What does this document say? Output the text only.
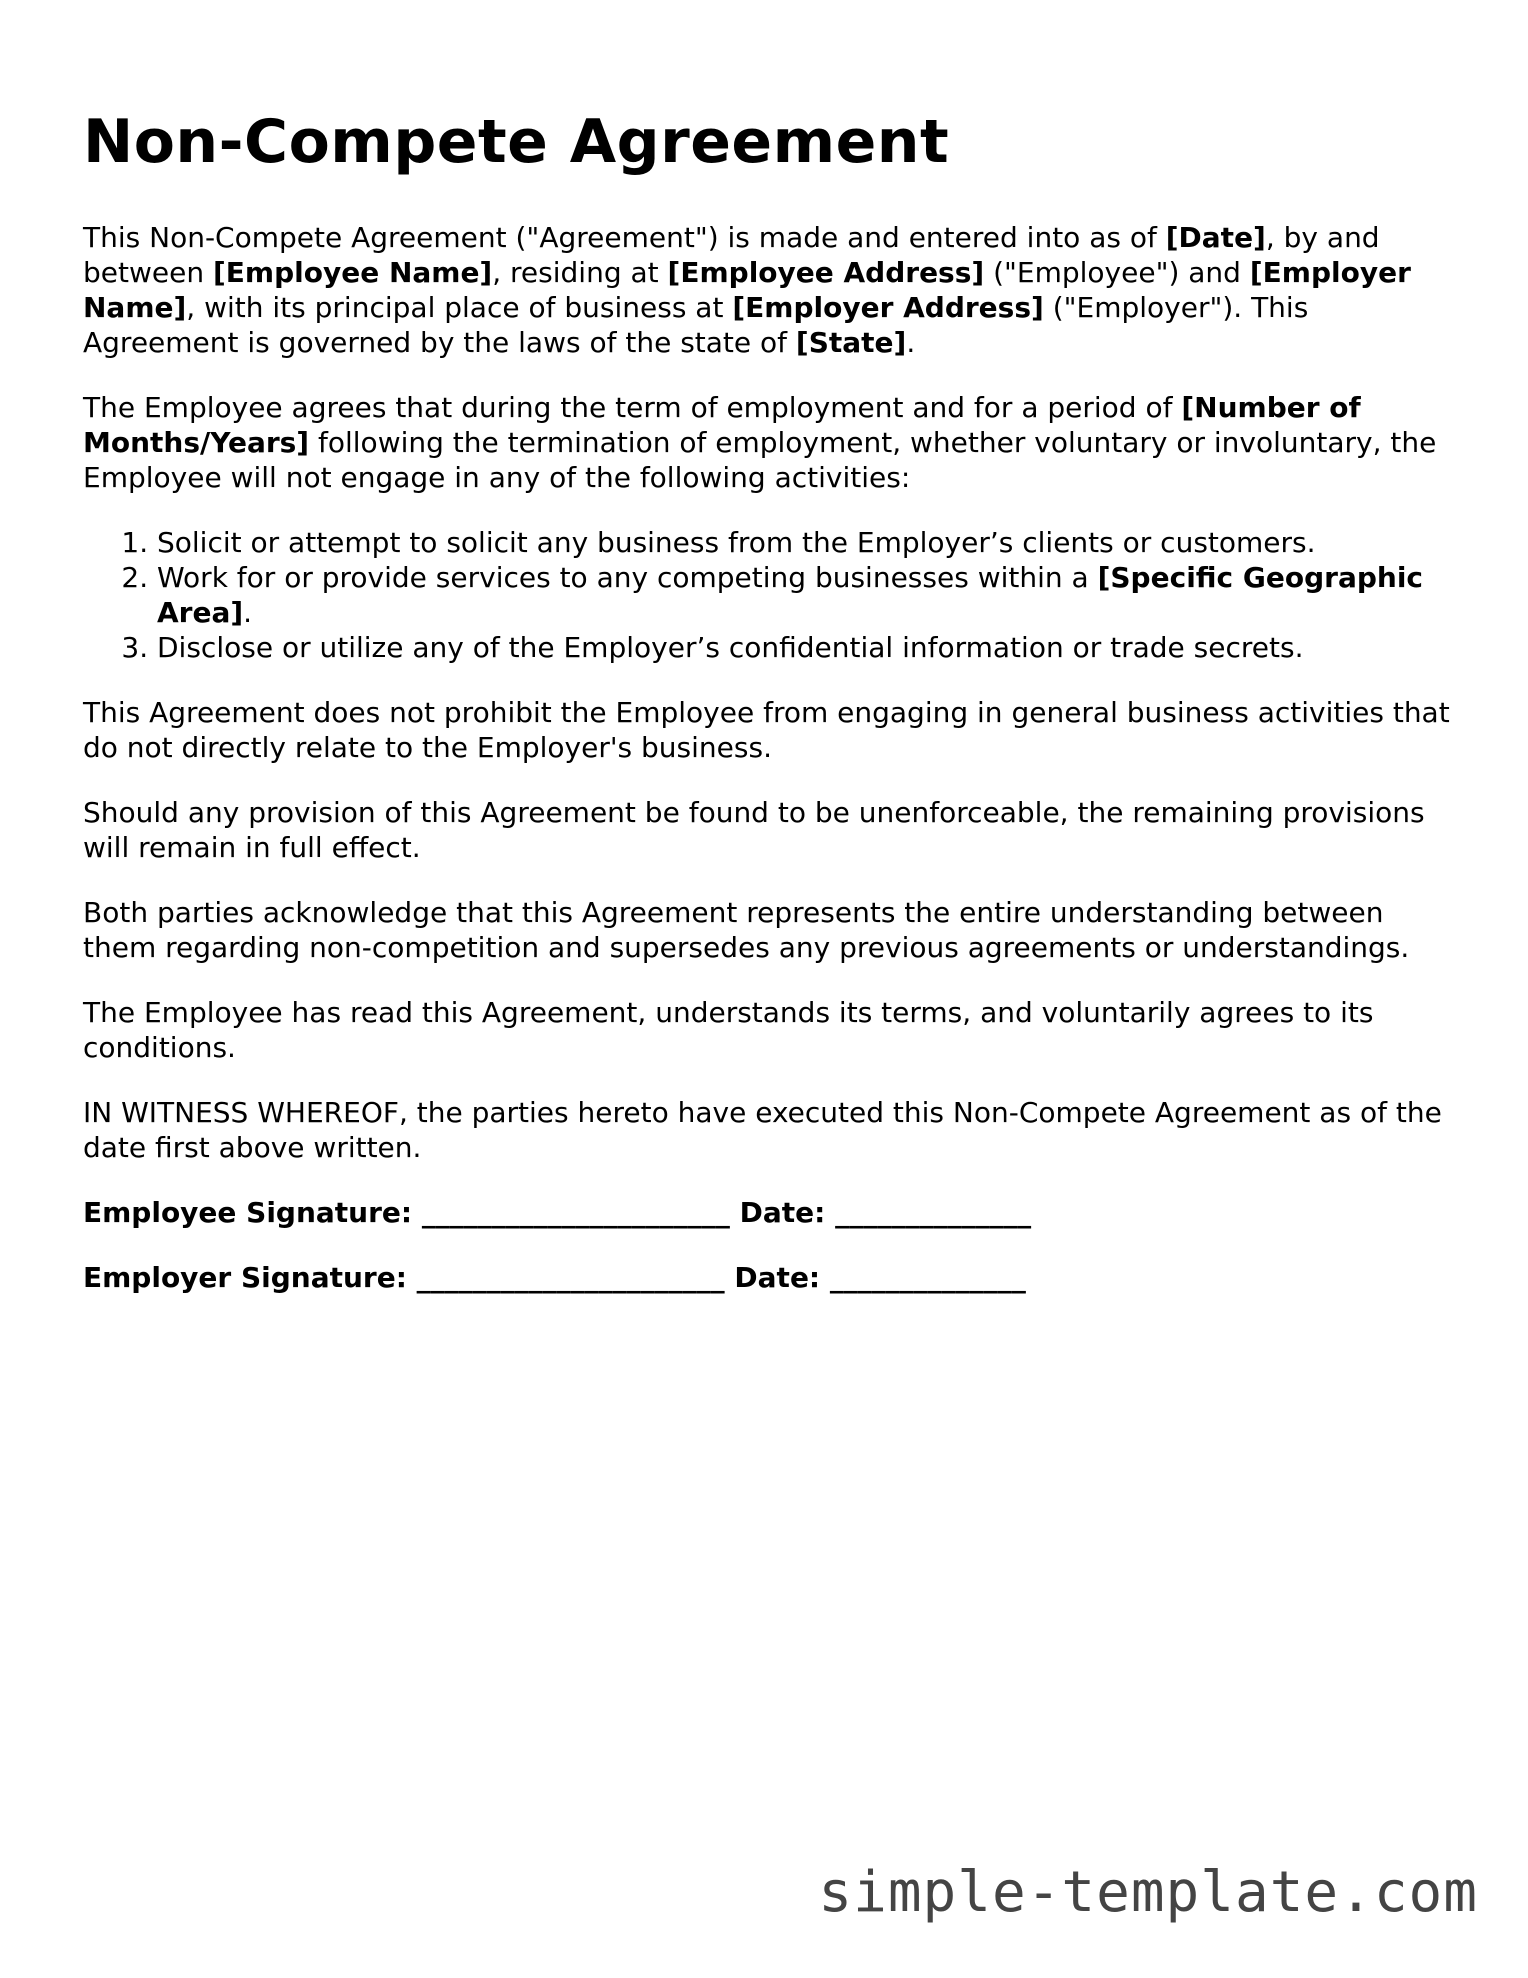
Non-Compete Agreement

This Non-Compete Agreement ("Agreement") is made and entered into as of [Date], by and between [Employee Name], residing at [Employee Address] ("Employee") and [Employer Name], with its principal place of business at [Employer Address] ("Employer"). This Agreement is governed by the laws of the state of [State].

The Employee agrees that during the term of employment and for a period of [Number of Months/Years] following the termination of employment, whether voluntary or involuntary, the Employee will not engage in any of the following activities:

1. Solicit or attempt to solicit any business from the Employer’s clients or customers.
2. Work for or provide services to any competing businesses within a [Specific Geographic Area].
3. Disclose or utilize any of the Employer’s confidential information or trade secrets.

This Agreement does not prohibit the Employee from engaging in general business activities that do not directly relate to the Employer's business.

Should any provision of this Agreement be found to be unenforceable, the remaining provisions will remain in full effect.

Both parties acknowledge that this Agreement represents the entire understanding between them regarding non-competition and supersedes any previous agreements or understandings.

The Employee has read this Agreement, understands its terms, and voluntarily agrees to its conditions.

IN WITNESS WHEREOF, the parties hereto have executed this Non-Compete Agreement as of the date first above written.

Employee Signature: ______________________ Date: ______________
Employer Signature: ______________________ Date: ______________
simple-template.com
